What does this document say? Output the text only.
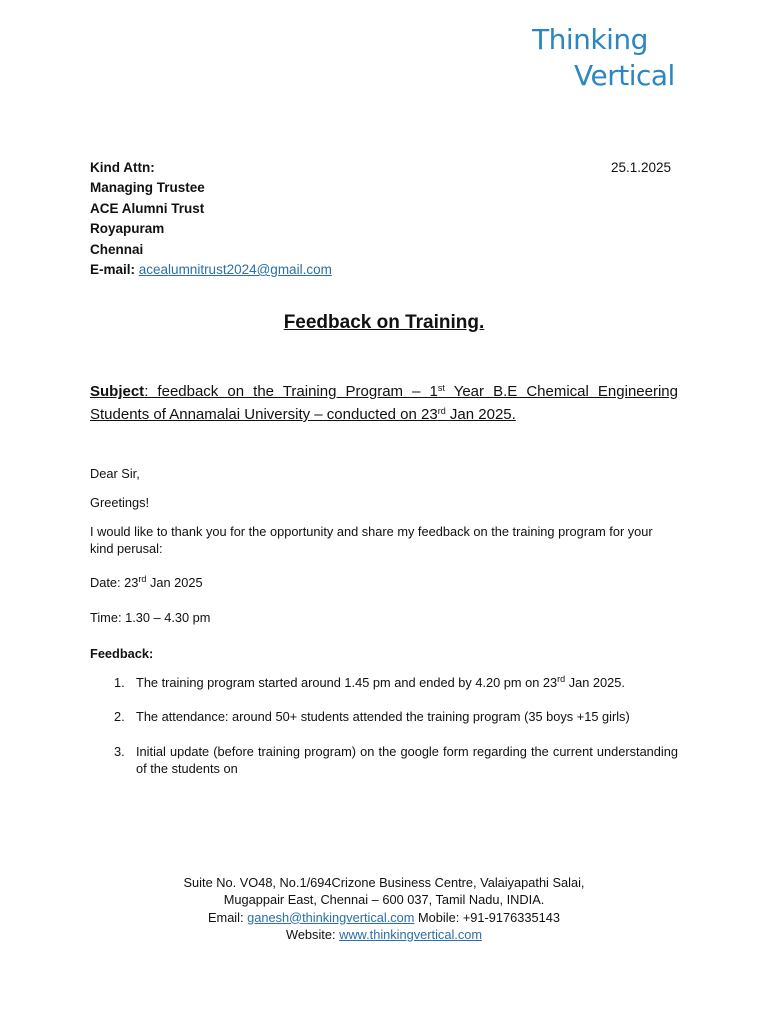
Thinking
Vertical
Kind Attn:
Managing Trustee
ACE Alumni Trust
Royapuram
Chennai
E-mail: acealumnitrust2024@gmail.com
25.1.2025
Feedback on Training.
Subject: feedback on the Training Program – 1st Year B.E Chemical Engineering Students of Annamalai University – conducted on 23rd Jan 2025.
Dear Sir,
Greetings!
I would like to thank you for the opportunity and share my feedback on the training program for your kind perusal:
Date: 23rd Jan 2025
Time: 1.30 – 4.30 pm
Feedback:
1. The training program started around 1.45 pm and ended by 4.20 pm on 23rd Jan 2025.
2. The attendance: around 50+ students attended the training program (35 boys +15 girls)
3. Initial update (before training program) on the google form regarding the current understanding of the students on
Suite No. VO48, No.1/694Crizone Business Centre, Valaiyapathi Salai,
Mugappair East, Chennai – 600 037, Tamil Nadu, INDIA.
Email: ganesh@thinkingvertical.com Mobile: +91-9176335143
Website: www.thinkingvertical.com
